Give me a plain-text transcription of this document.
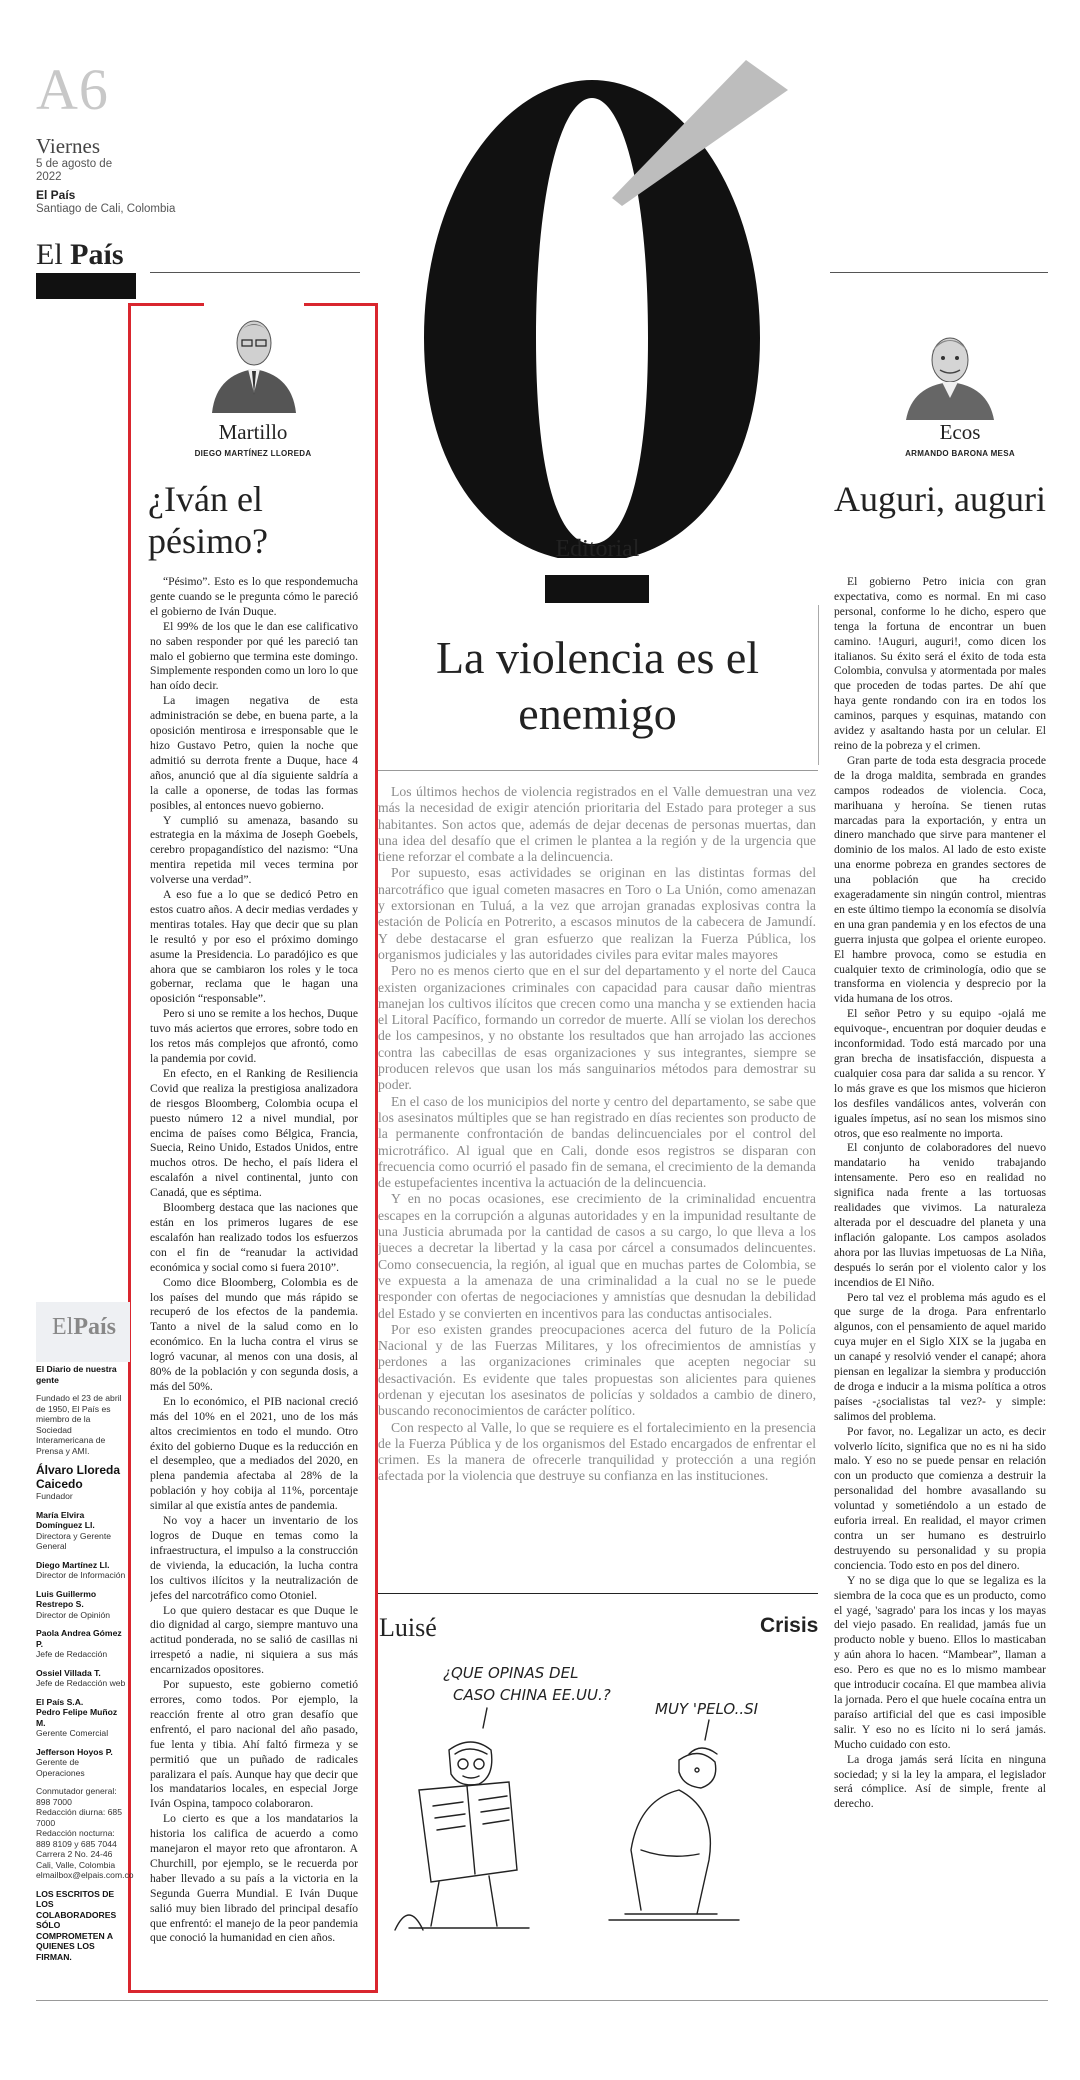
A6
Viernes
5 de agosto de 2022
El País
Santiago de Cali, Colombia
El País
Martillo
DIEGO MARTÍNEZ LLOREDA
¿Iván el pésimo?

“Pésimo”. Esto es lo que respondemucha gente cuando se le pregunta cómo le pareció el gobierno de Iván Duque.

El 99% de los que le dan ese calificativo no saben responder por qué les pareció tan malo el gobierno que termina este domingo. Simplemente responden como un loro lo que han oído decir.

La imagen negativa de esta administración se debe, en buena parte, a la oposición mentirosa e irresponsable que le hizo Gustavo Petro, quien la noche que admitió su derrota frente a Duque, hace 4 años, anunció que al día siguiente saldría a la calle a oponerse, de todas las formas posibles, al entonces nuevo gobierno.

Y cumplió su amenaza, basando su estrategia en la máxima de Joseph Goebels, cerebro propagandístico del nazismo: “Una mentira repetida mil veces termina por volverse una verdad”.

A eso fue a lo que se dedicó Petro en estos cuatro años. A decir medias verdades y mentiras totales. Hay que decir que su plan le resultó y por eso el próximo domingo asume la Presidencia. Lo paradójico es que ahora que se cambiaron los roles y le toca gobernar, reclama que le hagan una oposición “responsable”.

Pero si uno se remite a los hechos, Duque tuvo más aciertos que errores, sobre todo en los retos más complejos que afrontó, como la pandemia por covid.

En efecto, en el Ranking de Resiliencia Covid que realiza la prestigiosa analizadora de riesgos Bloomberg, Colombia ocupa el puesto número 12 a nivel mundial, por encima de países como Bélgica, Francia, Suecia, Reino Unido, Estados Unidos, entre muchos otros. De hecho, el país lidera el escalafón a nivel continental, junto con Canadá, que es séptima.

Bloomberg destaca que las naciones que están en los primeros lugares de ese escalafón han realizado todos los esfuerzos con el fin de “reanudar la actividad económica y social como si fuera 2010”.

Como dice Bloomberg, Colombia es de los países del mundo que más rápido se recuperó de los efectos de la pandemia. Tanto a nivel de la salud como en lo económico. En la lucha contra el virus se logró vacunar, al menos con una dosis, al 80% de la población y con segunda dosis, a más del 50%.

En lo económico, el PIB nacional creció más del 10% en el 2021, uno de los más altos crecimientos en todo el mundo. Otro éxito del gobierno Duque es la reducción en el desempleo, que a mediados del 2020, en plena pandemia afectaba al 28% de la población y hoy cobija al 11%, porcentaje similar al que existía antes de pandemia.

No voy a hacer un inventario de los logros de Duque en temas como la infraestructura, el impulso a la construcción de vivienda, la educación, la lucha contra los cultivos ilícitos y la neutralización de jefes del narcotráfico como Otoniel.

Lo que quiero destacar es que Duque le dio dignidad al cargo, siempre mantuvo una actitud ponderada, no se salió de casillas ni irrespetó a nadie, ni siquiera a sus más encarnizados opositores.

Por supuesto, este gobierno cometió errores, como todos. Por ejemplo, la reacción frente al otro gran desafío que enfrentó, el paro nacional del año pasado, fue lenta y tibia. Ahí faltó firmeza y se permitió que un puñado de radicales paralizara el país. Aunque hay que decir que los mandatarios locales, en especial Jorge Iván Ospina, tampoco colaboraron.

Lo cierto es que a los mandatarios la historia los califica de acuerdo a como manejaron el mayor reto que afrontaron. A Churchill, por ejemplo, se le recuerda por haber llevado a su país a la victoria en la Segunda Guerra Mundial. E Iván Duque salió muy bien librado del principal desafío que enfrentó: el manejo de la peor pandemia que conoció la humanidad en cien años.

ElPaís
El Diario de nuestra gente
Fundado el 23 de abril de 1950, El País es miembro de la Sociedad Interamericana de Prensa y AMI.
Álvaro Lloreda Caicedo
Fundador
María Elvira Domínguez Ll.
Directora y Gerente General
Diego Martínez Ll.
Director de Información
Luis Guillermo Restrepo S.
Director de Opinión
Paola Andrea Gómez P.
Jefe de Redacción
Ossiel Villada T.
Jefe de Redacción web
El País S.A.
Pedro Felipe Muñoz M.
Gerente Comercial
Jefferson Hoyos P.
Gerente de Operaciones
Conmutador general: 898 7000
Redacción diurna: 685 7000
Redacción nocturna: 889 8109 y 685 7044
Carrera 2 No. 24-46 Cali, Valle, Colombia
elmailbox@elpais.com.co
LOS ESCRITOS DE LOS COLABORADORES SÓLO COMPROMETEN A QUIENES LOS FIRMAN.
Editorial
La violencia es el enemigo

Los últimos hechos de violencia registrados en el Valle demuestran una vez más la necesidad de exigir atención prioritaria del Estado para proteger a sus habitantes. Son actos que, además de dejar decenas de personas muertas, dan una idea del desafío que el crimen le plantea a la región y de la urgencia que tiene reforzar el combate a la delincuencia.

Por supuesto, esas actividades se originan en las distintas formas del narcotráfico que igual cometen masacres en Toro o La Unión, como amenazan y extorsionan en Tuluá, a la vez que arrojan granadas explosivas contra la estación de Policía en Potrerito, a escasos minutos de la cabecera de Jamundí. Y debe destacarse el gran esfuerzo que realizan la Fuerza Pública, los organismos judiciales y las autoridades civiles para evitar males mayores

Pero no es menos cierto que en el sur del departamento y el norte del Cauca existen organizaciones criminales con capacidad para causar daño mientras manejan los cultivos ilícitos que crecen como una mancha y se extienden hacia el Litoral Pacífico, formando un corredor de muerte. Allí se violan los derechos de los campesinos, y no obstante los resultados que han arrojado las acciones contra las cabecillas de esas organizaciones y sus integrantes, siempre se producen relevos que usan los más sanguinarios métodos para demostrar su poder.

En el caso de los municipios del norte y centro del departamento, se sabe que los asesinatos múltiples que se han registrado en días recientes son producto de la permanente confrontación de bandas delincuenciales por el control del microtráfico. Al igual que en Cali, donde esos registros se disparan con frecuencia como ocurrió el pasado fin de semana, el crecimiento de la demanda de estupefacientes incentiva la actuación de la delincuencia.

Y en no pocas ocasiones, ese crecimiento de la criminalidad encuentra escapes en la corrupción a algunas autoridades y en la impunidad resultante de una Justicia abrumada por la cantidad de casos a su cargo, lo que lleva a los jueces a decretar la libertad y la casa por cárcel a consumados delincuentes. Como consecuencia, la región, al igual que en muchas partes de Colombia, se ve expuesta a la amenaza de una criminalidad a la cual no se le puede responder con ofertas de negociaciones y amnistías que desnudan la debilidad del Estado y se convierten en incentivos para las conductas antisociales.

Por eso existen grandes preocupaciones acerca del futuro de la Policía Nacional y de las Fuerzas Militares, y los ofrecimientos de amnistías y perdones a las organizaciones criminales que acepten negociar su desactivación. Es evidente que tales propuestas son alicientes para quienes ordenan y ejecutan los asesinatos de policías y soldados a cambio de dinero, buscando reconocimientos de carácter político.

Con respecto al Valle, lo que se requiere es el fortalecimiento en la presencia de la Fuerza Pública y de los organismos del Estado encargados de enfrentar el crimen. Es la manera de ofrecerle tranquilidad y protección a una región afectada por la violencia que destruye su confianza en las instituciones.

Luisé	Crisis
¿QUE OPINAS DEL
CASO CHINA EE.UU.?
MUY 'PELO..SI
Ecos
ARMANDO BARONA MESA
Auguri, auguri

El gobierno Petro inicia con gran expectativa, como es normal. En mi caso personal, conforme lo he dicho, espero que tenga la fortuna de encontrar un buen camino. !Auguri, auguri!, como dicen los italianos. Su éxito será el éxito de toda esta Colombia, convulsa y atormentada por males que proceden de todas partes. De ahí que haya gente rondando con ira en todos los caminos, parques y esquinas, matando con avidez y asaltando hasta por un celular. El reino de la pobreza y el crimen.

Gran parte de toda esta desgracia procede de la droga maldita, sembrada en grandes campos rodeados de violencia. Coca, marihuana y heroína. Se tienen rutas marcadas para la exportación, y entra un dinero manchado que sirve para mantener el dominio de los malos. Al lado de esto existe una enorme pobreza en grandes sectores de una población que ha crecido exageradamente sin ningún control, mientras en este último tiempo la economía se disolvía en una gran pandemia y en los efectos de una guerra injusta que golpea el oriente europeo. El hambre provoca, como se estudia en cualquier texto de criminología, odio que se transforma en violencia y desprecio por la vida humana de los otros.

El señor Petro y su equipo -ojalá me equivoque-, encuentran por doquier deudas e inconformidad. Todo está marcado por una gran brecha de insatisfacción, dispuesta a cualquier cosa para dar salida a su rencor. Y lo más grave es que los mismos que hicieron los desfiles vandálicos antes, volverán con iguales ímpetus, así no sean los mismos sino otros, que eso realmente no importa.

El conjunto de colaboradores del nuevo mandatario ha venido trabajando intensamente. Pero eso en realidad no significa nada frente a las tortuosas realidades que vivimos. La naturaleza alterada por el descuadre del planeta y una inflación galopante. Los campos asolados ahora por las lluvias impetuosas de La Niña, después lo serán por el violento calor y los incendios de El Niño.

Pero tal vez el problema más agudo es el que surge de la droga. Para enfrentarlo algunos, con el pensamiento de aquel marido cuya mujer en el Siglo XIX se la jugaba en un canapé y resolvió vender el canapé; ahora piensan en legalizar la siembra y producción de droga e inducir a la misma política a otros países -¿socialistas tal vez?- y simple: salimos del problema.

Por favor, no. Legalizar un acto, es decir volverlo lícito, significa que no es ni ha sido malo. Y eso no se puede pensar en relación con un producto que comienza a destruir la personalidad del hombre avasallando su voluntad y sometiéndolo a un estado de euforia irreal. En realidad, el mayor crimen contra un ser humano es destruirlo destruyendo su personalidad y su propia conciencia. Todo esto en pos del dinero.

Y no se diga que lo que se legaliza es la siembra de la coca que es un producto, como el yagé, 'sagrado' para los incas y los mayas del viejo pasado. En realidad, jamás fue un producto noble y bueno. Ellos lo masticaban y aún ahora lo hacen. “Mambear”, llaman a eso. Pero es que no es lo mismo mambear que introducir cocaína. El que mambea alivia la jornada. Pero el que huele cocaína entra un paraíso artificial del que es casi imposible salir. Y eso no es lícito ni lo será jamás. Mucho cuidado con esto.

La droga jamás será lícita en ninguna sociedad; y si la ley la ampara, el legislador será cómplice. Así de simple, frente al derecho.
